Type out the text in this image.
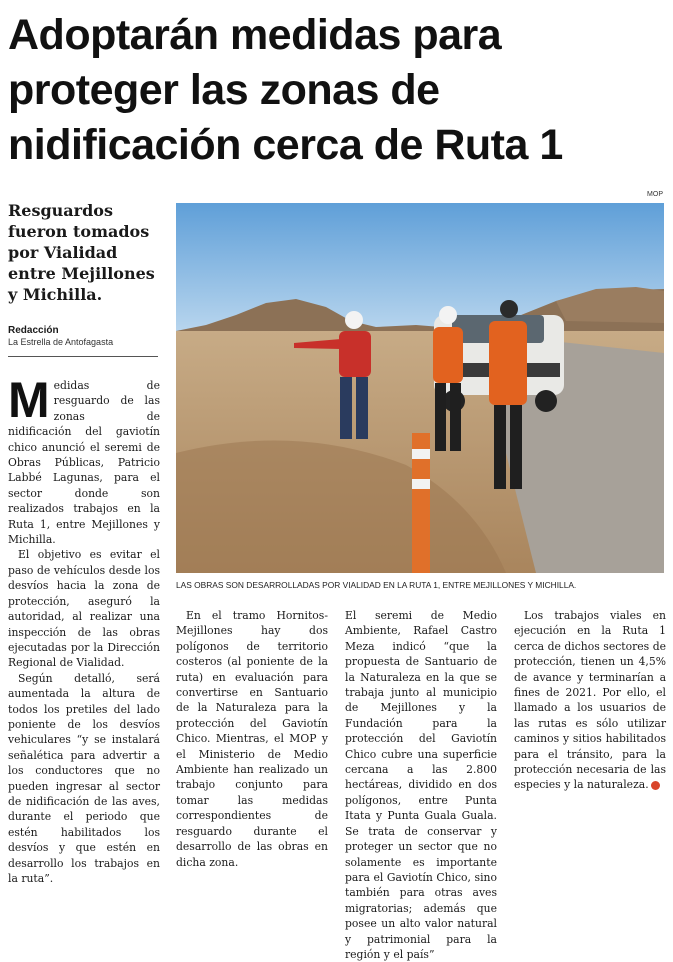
Adoptarán medidas para
proteger las zonas de
nidificación cerca de Ruta 1
MOP
Resguardos
fueron tomados
por Vialidad
entre Mejillones
y Michilla.
Redacción
La Estrella de Antofagasta
LAS OBRAS SON DESARROLLADAS POR VIALIDAD EN LA RUTA 1, ENTRE MEJILLONES Y MICHILLA.

Medidas de resguardo de las zonas de nidificación del gaviotín chico anunció el seremi de Obras Públicas, Patricio Labbé Lagunas, para el sector donde son realizados trabajos en la Ruta 1, entre Mejillones y Michilla.

El objetivo es evitar el paso de vehículos desde los desvíos hacia la zona de protección, aseguró la autoridad, al realizar una inspección de las obras ejecutadas por la Dirección Regional de Vialidad.

Según detalló, será aumentada la altura de todos los pretiles del lado poniente de los desvíos vehiculares “y se instalará señalética para advertir a los conductores que no pueden ingresar al sector de nidificación de las aves, durante el periodo que estén habilitados los desvíos y que estén en desarrollo los trabajos en la ruta”.

En el tramo Hornitos-Mejillones hay dos polígonos de territorio costeros (al poniente de la ruta) en evaluación para convertirse en Santuario de la Naturaleza para la protección del Gaviotín Chico. Mientras, el MOP y el Ministerio de Medio Ambiente han realizado un trabajo conjunto para tomar las medidas correspondientes de resguardo durante el desarrollo de las obras en dicha zona.

El seremi de Medio Ambiente, Rafael Castro Meza indicó “que la propuesta de Santuario de la Naturaleza en la que se trabaja junto al municipio de Mejillones y la Fundación para la protección del Gaviotín Chico cubre una superficie cercana a las 2.800 hectáreas, dividido en dos polígonos, entre Punta Itata y Punta Guala Guala. Se trata de conservar y proteger un sector que no solamente es importante para el Gaviotín Chico, sino también para otras aves migratorias; además que posee un alto valor natural y patrimonial para la región y el país”

Los trabajos viales en ejecución en la Ruta 1 cerca de dichos sectores de protección, tienen un 4,5% de avance y terminarían a fines de 2021. Por ello, el llamado a los usuarios de las rutas es sólo utilizar caminos y sitios habilitados para el tránsito, para la protección necesaria de las especies y la naturaleza.
